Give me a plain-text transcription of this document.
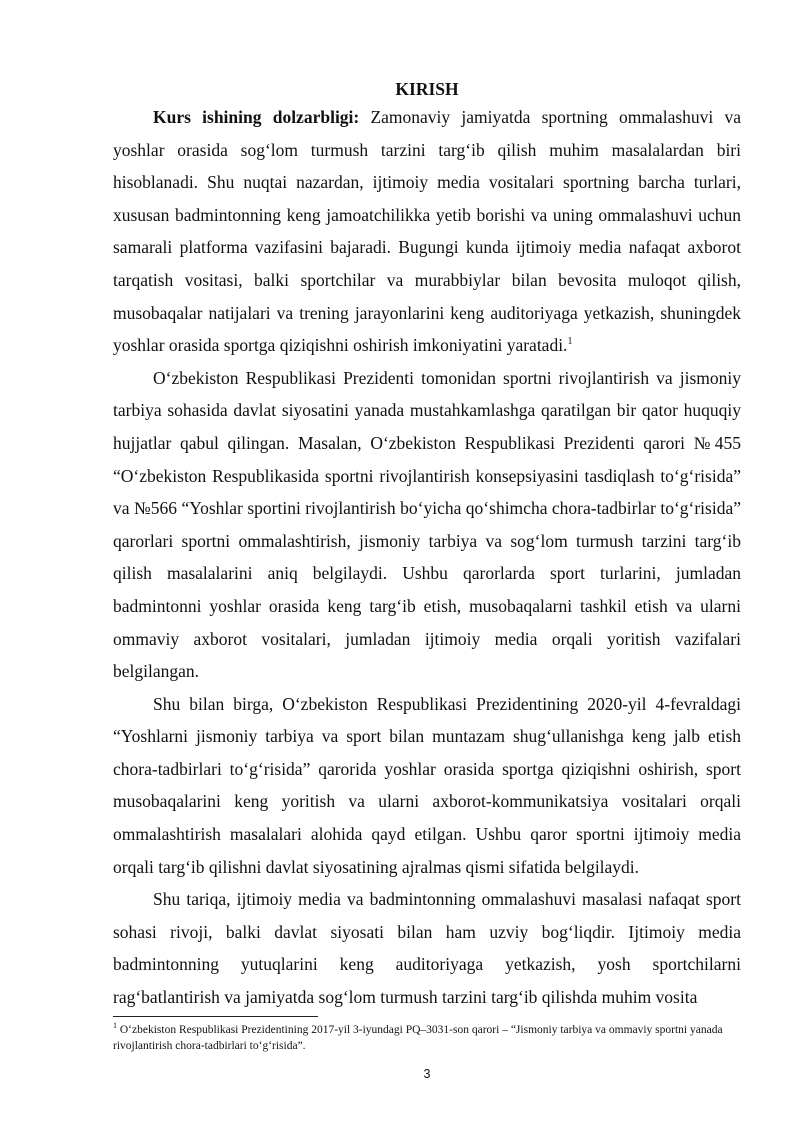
KIRISH

Kurs ishining dolzarbligi: Zamonaviy jamiyatda sportning ommalashuvi va yoshlar orasida sog‘lom turmush tarzini targ‘ib qilish muhim masalalardan biri hisoblanadi. Shu nuqtai nazardan, ijtimoiy media vositalari sportning barcha turlari, xususan badmintonning keng jamoatchilikka yetib borishi va uning ommalashuvi uchun samarali platforma vazifasini bajaradi. Bugungi kunda ijtimoiy media nafaqat axborot tarqatish vositasi, balki sportchilar va murabbiylar bilan bevosita muloqot qilish, musobaqalar natijalari va trening jarayonlarini keng auditoriyaga yetkazish, shuningdek yoshlar orasida sportga qiziqishni oshirish imkoniyatini yaratadi.$^1$

O‘zbekiston Respublikasi Prezidenti tomonidan sportni rivojlantirish va jismoniy tarbiya sohasida davlat siyosatini yanada mustahkamlashga qaratilgan bir qator huquqiy hujjatlar qabul qilingan. Masalan, O‘zbekiston Respublikasi Prezidenti qarori №455 “O‘zbekiston Respublikasida sportni rivojlantirish konsepsiyasini tasdiqlash to‘g‘risida” va №566 “Yoshlar sportini rivojlantirish bo‘yicha qo‘shimcha chora-tadbirlar to‘g‘risida” qarorlari sportni ommalashtirish, jismoniy tarbiya va sog‘lom turmush tarzini targ‘ib qilish masalalarini aniq belgilaydi. Ushbu qarorlarda sport turlarini, jumladan badmintonni yoshlar orasida keng targ‘ib etish, musobaqalarni tashkil etish va ularni ommaviy axborot vositalari, jumladan ijtimoiy media orqali yoritish vazifalari belgilangan.

Shu bilan birga, O‘zbekiston Respublikasi Prezidentining 2020-yil 4-fevraldagi “Yoshlarni jismoniy tarbiya va sport bilan muntazam shug‘ullanishga keng jalb etish chora-tadbirlari to‘g‘risida” qarorida yoshlar orasida sportga qiziqishni oshirish, sport musobaqalarini keng yoritish va ularni axborot-kommunikatsiya vositalari orqali ommalashtirish masalalari alohida qayd etilgan. Ushbu qaror sportni ijtimoiy media orqali targ‘ib qilishni davlat siyosatining ajralmas qismi sifatida belgilaydi.

Shu tariqa, ijtimoiy media va badmintonning ommalashuvi masalasi nafaqat sport sohasi rivoji, balki davlat siyosati bilan ham uzviy bog‘liqdir. Ijtimoiy media badmintonning yutuqlarini keng auditoriyaga yetkazish, yosh sportchilarni rag‘batlantirish va jamiyatda sog‘lom turmush tarzini targ‘ib qilishda muhim vosita

$^1$ O‘zbekiston Respublikasi Prezidentining 2017-yil 3-iyundagi PQ–3031-son qarori – “Jismoniy tarbiya va ommaviy sportni yanada rivojlantirish chora-tadbirlari to‘g‘risida”.
3
